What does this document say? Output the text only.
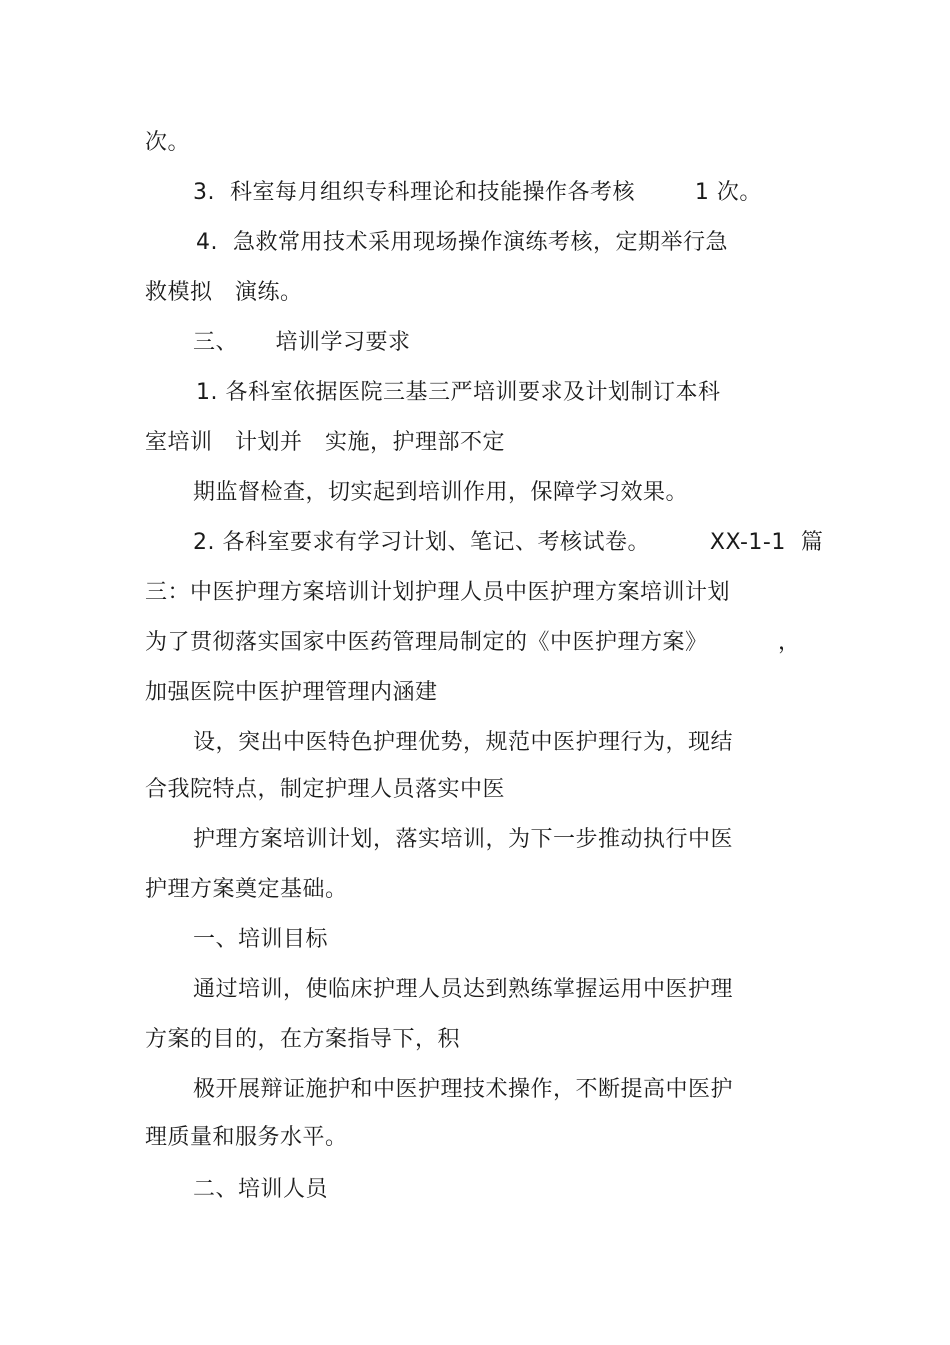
次。
3.  科室每月组织专科理论和技能操作各考核        1 次。
4.  急救常用技术采用现场操作演练考核，定期举行急
救模拟   演练。
三、     培训学习要求
1. 各科室依据医院三基三严培训要求及计划制订本科
室培训   计划并   实施，护理部不定
期监督检查，切实起到培训作用，保障学习效果。
2. 各科室要求有学习计划、笔记、考核试卷。        XX-1-1  篇
三：中医护理方案培训计划护理人员中医护理方案培训计划
为了贯彻落实国家中医药管理局制定的《中医护理方案》	，
加强医院中医护理管理内涵建
设，突出中医特色护理优势，规范中医护理行为，现结
合我院特点，制定护理人员落实中医
护理方案培训计划，落实培训，为下一步推动执行中医
护理方案奠定基础。
一、培训目标
通过培训，使临床护理人员达到熟练掌握运用中医护理
方案的目的，在方案指导下，积
极开展辩证施护和中医护理技术操作，不断提高中医护
理质量和服务水平。
二、培训人员
